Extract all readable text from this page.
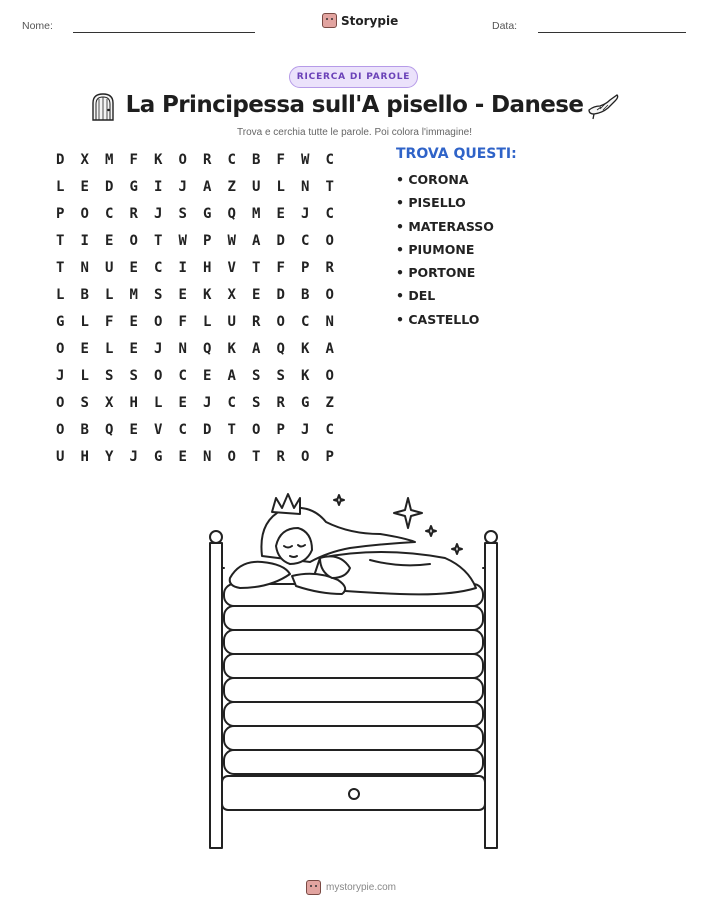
Nome:	Storypie	Data:
RICERCA DI PAROLE
La Principessa sull'A pisello - Danese
Trova e cerchia tutte le parole. Poi colora l'immagine!
D	X	M	F	K	O	R	C	B	F	W	C
L	E	D	G	I	J	A	Z	U	L	N	T
P	O	C	R	J	S	G	Q	M	E	J	C
T	I	E	O	T	W	P	W	A	D	C	O
T	N	U	E	C	I	H	V	T	F	P	R
L	B	L	M	S	E	K	X	E	D	B	O
G	L	F	E	O	F	L	U	R	O	C	N
O	E	L	E	J	N	Q	K	A	Q	K	A
J	L	S	S	O	C	E	A	S	S	K	O
O	S	X	H	L	E	J	C	S	R	G	Z
O	B	Q	E	V	C	D	T	O	P	J	C
U	H	Y	J	G	E	N	O	T	R	O	P
TROVA QUESTI:
• CORONA
• PISELLO
• MATERASSO
• PIUMONE
• PORTONE
• DEL
• CASTELLO
mystorypie.com
